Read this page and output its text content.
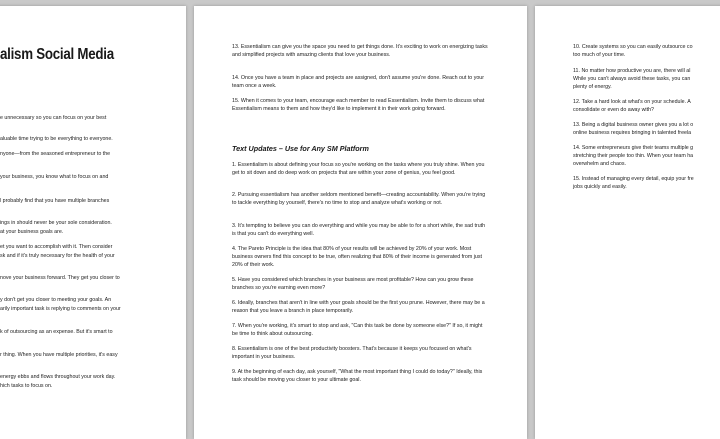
alism Social Media

e unnecessary so you can focus on your best

aluable time trying to be everything to everyone.

nyone—from the seasoned entrepreneur to the

your business, you know what to focus on and

l probably find that you have multiple branches

ings in should never be your sole consideration.

at your business goals are.

et you want to accomplish with it. Then consider

sk and if it's truly necessary for the health of your

nove your business forward. They get you closer to

y don't get you closer to meeting your goals. An

arily important task is replying to comments on your

k of outsourcing as an expense. But it's smart to

r thing. When you have multiple priorities, it's easy

energy ebbs and flows throughout your work day.

hich tasks to focus on.

13. Essentialism can give you the space you need to get things done. It's exciting to work on energizing tasks and simplified projects with amazing clients that love your business.

14. Once you have a team in place and projects are assigned, don't assume you're done. Reach out to your team once a week.

15. When it comes to your team, encourage each member to read Essentialism. Invite them to discuss what Essentialism means to them and how they'd like to implement it in their work going forward.

Text Updates – Use for Any SM Platform

1. Essentialism is about defining your focus so you're working on the tasks where you truly shine. When you get to sit down and do deep work on projects that are within your zone of genius, you feel good.

2. Pursuing essentialism has another seldom mentioned benefit—creating accountability. When you're trying to tackle everything by yourself, there's no time to stop and analyze what's working or not.

3. It's tempting to believe you can do everything and while you may be able to for a short while, the sad truth is that you can't do everything well.

4. The Pareto Principle is the idea that 80% of your results will be achieved by 20% of your work. Most business owners find this concept to be true, often realizing that 80% of their income is generated from just 20% of their work.

5. Have you considered which branches in your business are most profitable? How can you grow these branches so you're earning even more?

6. Ideally, branches that aren't in line with your goals should be the first you prune. However, there may be a reason that you leave a branch in place temporarily.

7. When you're working, it's smart to stop and ask, "Can this task be done by someone else?" If so, it might be time to think about outsourcing.

8. Essentialism is one of the best productivity boosters. That's because it keeps you focused on what's important in your business.

9. At the beginning of each day, ask yourself, "What the most important thing I could do today?" Ideally, this task should be moving you closer to your ultimate goal.

10. Create systems so you can easily outsource co

too much of your time.

11. No matter how productive you are, there will al

While you can't always avoid these tasks, you can

plenty of energy.

12. Take a hard look at what's on your schedule. A

consolidate or even do away with?

13. Being a digital business owner gives you a lot o

online business requires bringing in talented freela

14. Some entrepreneurs give their teams multiple g

stretching their people too thin. When your team ha

overwhelm and chaos.

15. Instead of managing every detail, equip your fre

jobs quickly and easily.
